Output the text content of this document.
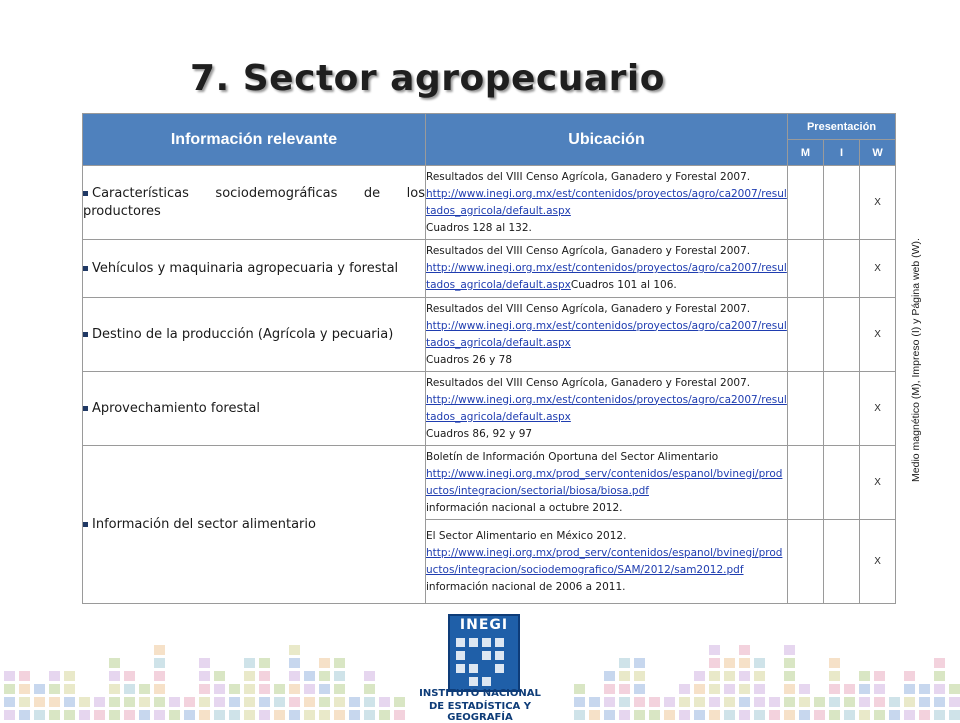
7. Sector agropecuario
Información relevante	Ubicación	Presentación		
		M	I	W
Características sociodemográficas de los productores	Resultados del VIII Censo Agrícola, Ganadero y Forestal 2007.
http://www.inegi.org.mx/est/contenidos/proyectos/agro/ca2007/resultados_agricola/default.aspx
Cuadros 128 al 132.			X
Vehículos y maquinaria agropecuaria y forestal	Resultados del VIII Censo Agrícola, Ganadero y Forestal 2007.
http://www.inegi.org.mx/est/contenidos/proyectos/agro/ca2007/resultados_agricola/default.aspxCuadros 101 al 106.			X
Destino de la producción (Agrícola y pecuaria)	Resultados del VIII Censo Agrícola, Ganadero y Forestal 2007.
http://www.inegi.org.mx/est/contenidos/proyectos/agro/ca2007/resultados_agricola/default.aspx
Cuadros 26 y 78			X
Aprovechamiento forestal	Resultados del VIII Censo Agrícola, Ganadero y Forestal 2007.
http://www.inegi.org.mx/est/contenidos/proyectos/agro/ca2007/resultados_agricola/default.aspx
Cuadros 86, 92 y 97			X
Información del sector alimentario	Boletín de Información Oportuna del Sector Alimentario
http://www.inegi.org.mx/prod_serv/contenidos/espanol/bvinegi/productos/integracion/sectorial/biosa/biosa.pdf
información nacional a octubre 2012.			X
	El Sector Alimentario en México 2012.
http://www.inegi.org.mx/prod_serv/contenidos/espanol/bvinegi/productos/integracion/sociodemografico/SAM/2012/sam2012.pdf
información nacional de 2006 a 2011.			X
Medio magnético (M), Impreso (I) y Página web (W).
INEGI
INSTITUTO NACIONAL
DE ESTADÍSTICA Y GEOGRAFÍA
